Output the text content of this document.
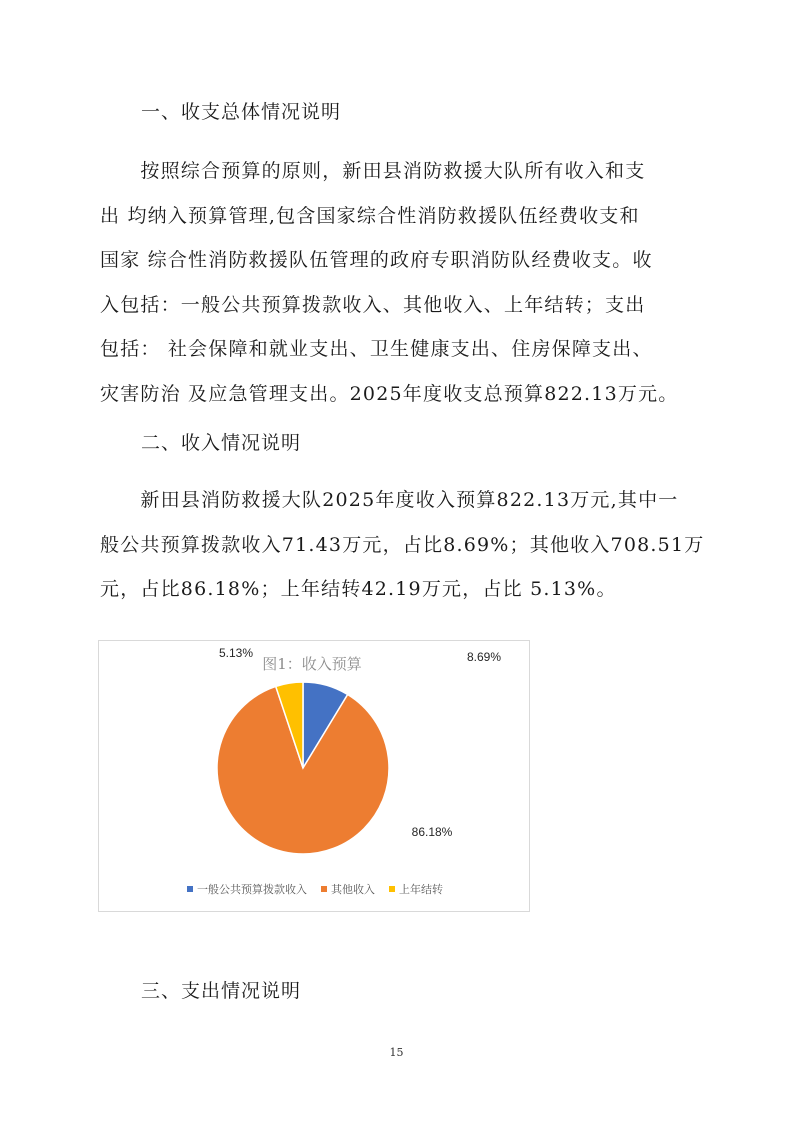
一、收支总体情况说明
　　按照综合预算的原则，新田县消防救援大队所有收入和支
出 均纳入预算管理,包含国家综合性消防救援队伍经费收支和
国家 综合性消防救援队伍管理的政府专职消防队经费收支。收
入包括：一般公共预算拨款收入、其他收入、上年结转；支出
包括： 社会保障和就业支出、卫生健康支出、住房保障支出、
灾害防治 及应急管理支出。2025年度收支总预算822.13万元。
二、收入情况说明
　　新田县消防救援大队2025年度收入预算822.13万元,其中一
般公共预算拨款收入71.43万元，占比8.69%；其他收入708.51万
元，占比86.18%；上年结转42.19万元，占比 5.13%。
图1：收入预算	8.69%
86.18%
5.13%
一般公共预算拨款收入 其他收入 上年结转
三、支出情况说明
15
